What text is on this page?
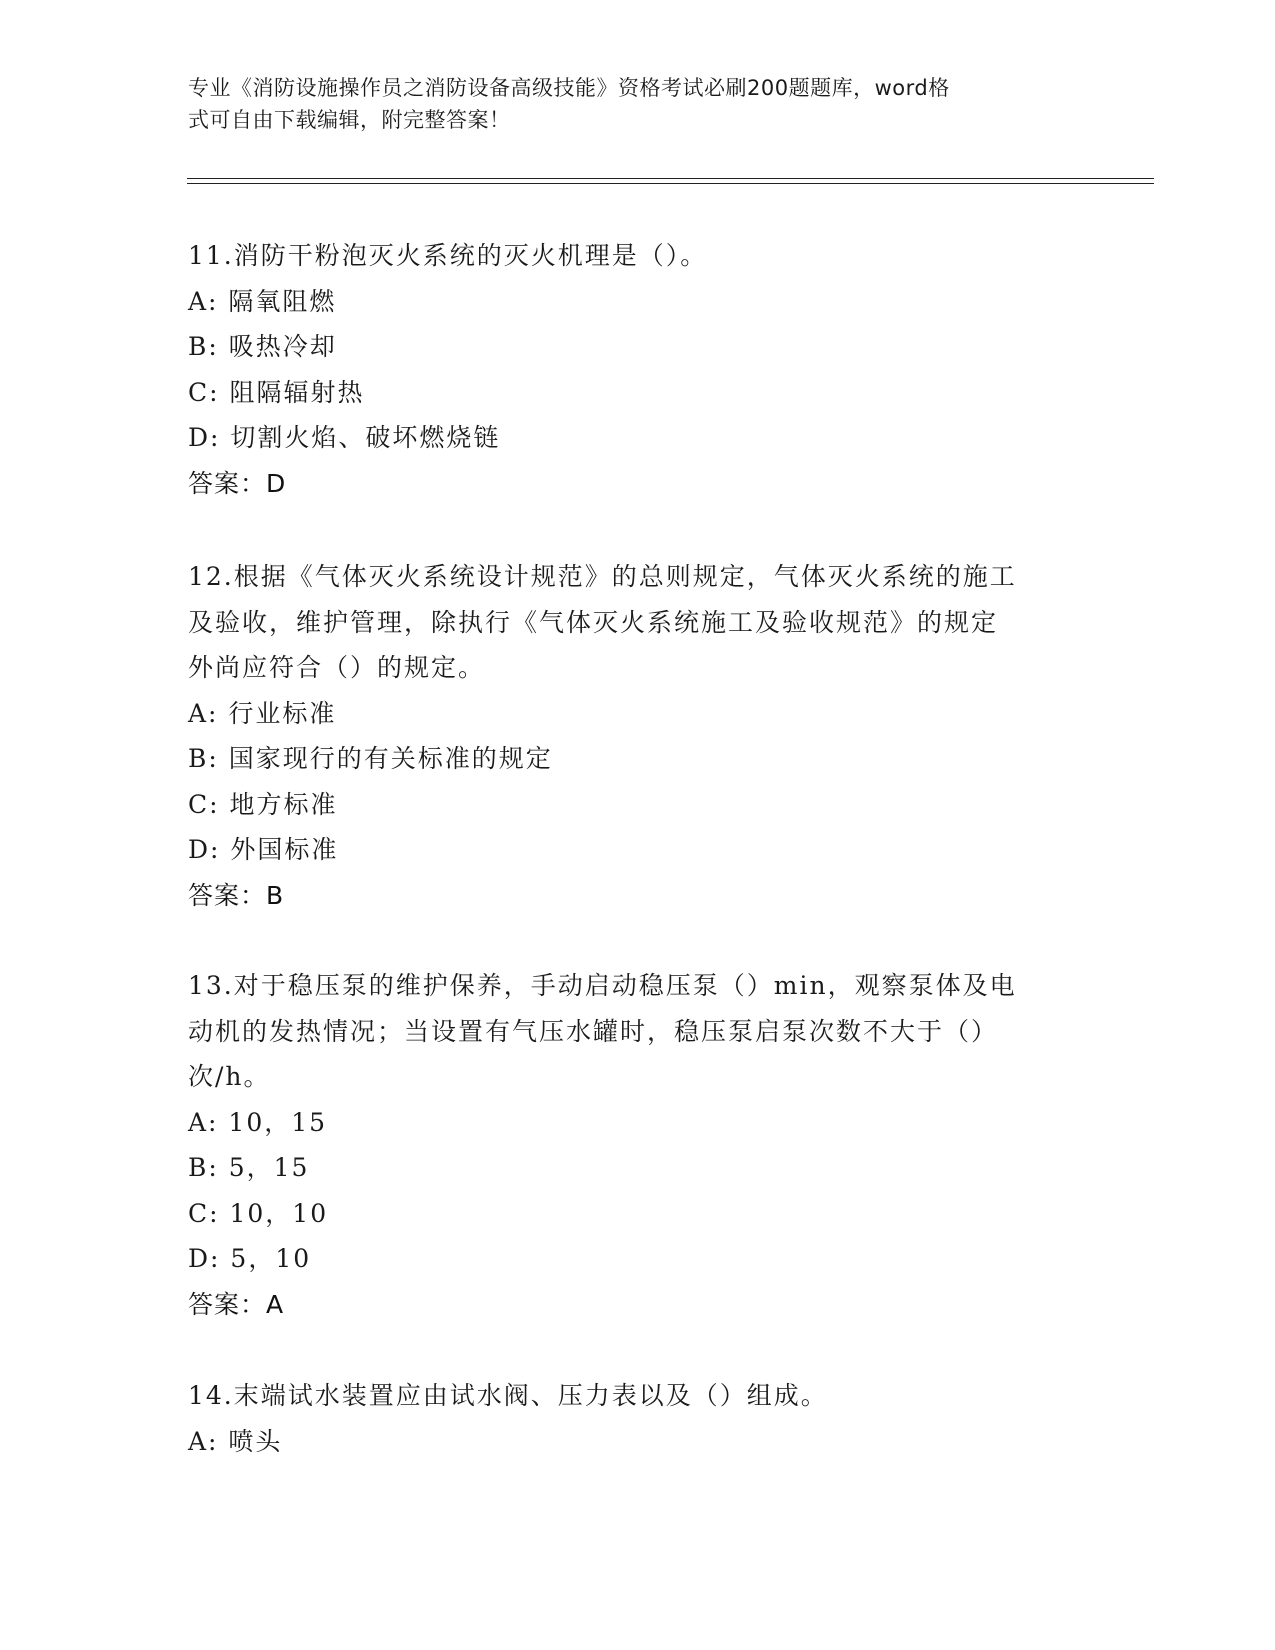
专业《消防设施操作员之消防设备高级技能》资格考试必刷200题题库，word格
式可自由下载编辑，附完整答案！
11.消防干粉泡灭火系统的灭火机理是（）。
A: 隔氧阻燃
B: 吸热冷却
C: 阻隔辐射热
D: 切割火焰、破坏燃烧链
答案：D
12.根据《气体灭火系统设计规范》的总则规定，气体灭火系统的施工
及验收，维护管理，除执行《气体灭火系统施工及验收规范》的规定
外尚应符合（）的规定。
A: 行业标准
B: 国家现行的有关标准的规定
C: 地方标准
D: 外国标准
答案：B
13.对于稳压泵的维护保养，手动启动稳压泵（）min，观察泵体及电
动机的发热情况；当设置有气压水罐时，稳压泵启泵次数不大于（）
次/h。
A: 10，15
B: 5，15
C: 10，10
D: 5，10
答案：A
14.末端试水装置应由试水阀、压力表以及（）组成。
A: 喷头
